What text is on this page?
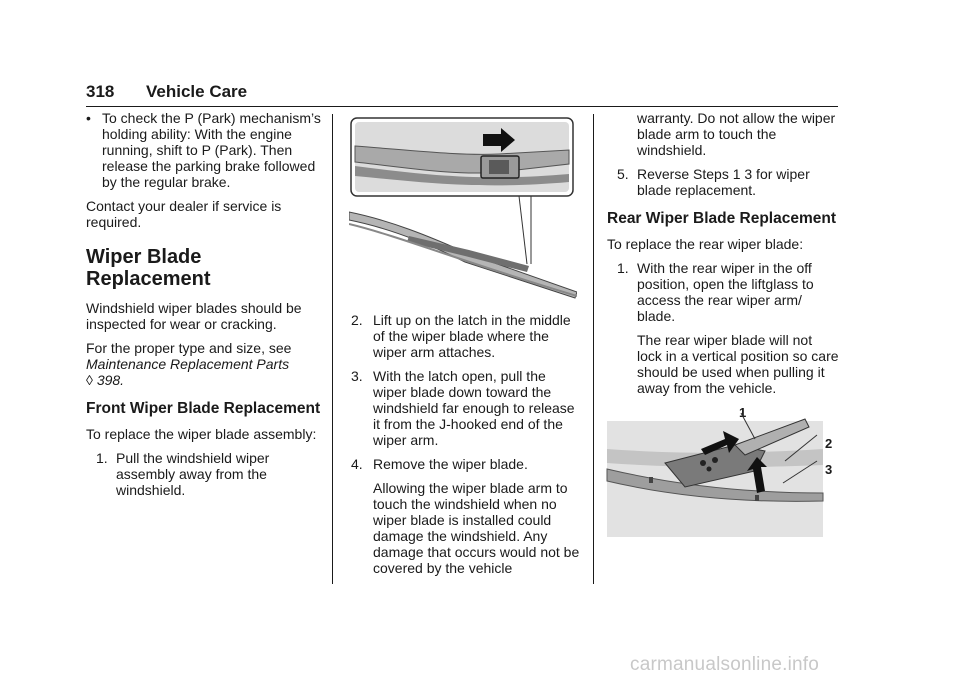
318 Vehicle Care

• To check the P (Park) mechanism’s holding ability: With the engine running, shift to P (Park). Then release the parking brake followed by the regular brake.

Contact your dealer if service is required.

Wiper Blade Replacement

Windshield wiper blades should be inspected for wear or cracking.

For the proper type and size, see
Maintenance Replacement Parts
◊ 398.

Front Wiper Blade Replacement

To replace the wiper blade assembly:

1. Pull the windshield wiper assembly away from the windshield.

2. Lift up on the latch in the middle of the wiper blade where the wiper arm attaches.

3. With the latch open, pull the wiper blade down toward the windshield far enough to release it from the J-hooked end of the wiper arm.

4. Remove the wiper blade.

Allowing the wiper blade arm to touch the windshield when no wiper blade is installed could damage the windshield. Any damage that occurs would not be covered by the vehicle

warranty. Do not allow the wiper blade arm to touch the windshield.

5. Reverse Steps 1 3 for wiper blade replacement.

Rear Wiper Blade Replacement

To replace the rear wiper blade:

1. With the rear wiper in the off position, open the liftglass to access the rear wiper arm/ blade.

The rear wiper blade will not lock in a vertical position so care should be used when pulling it away from the vehicle.

1
2
3
carmanualsonline.info
